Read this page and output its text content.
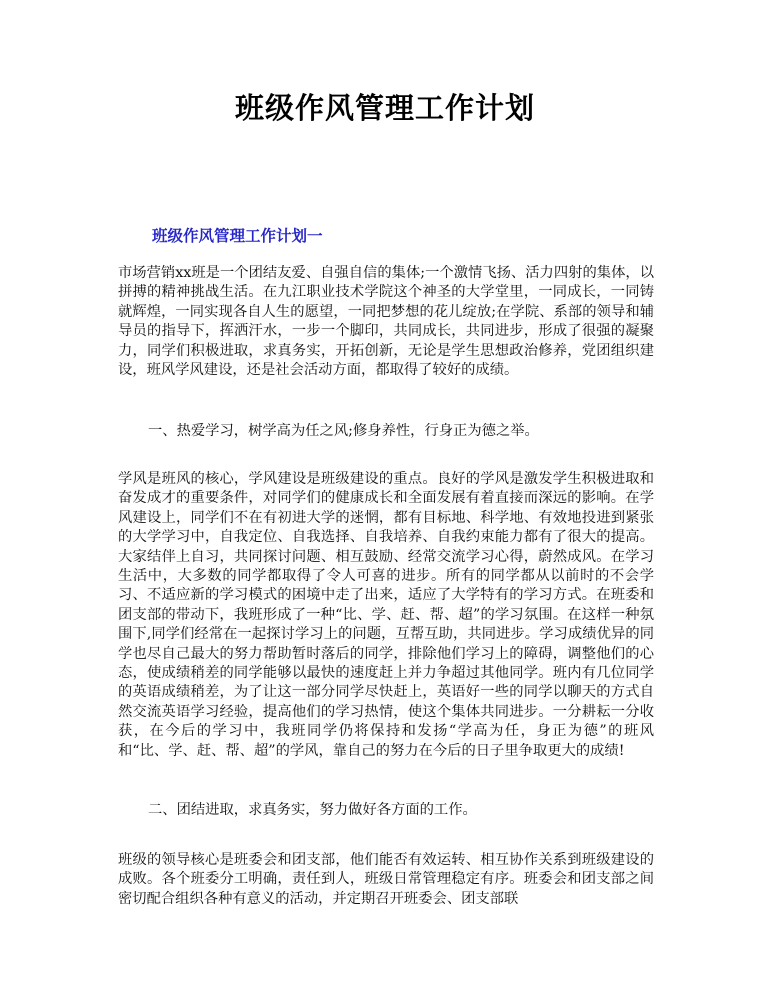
班级作风管理工作计划
班级作风管理工作计划一

市场营销xx班是一个团结友爱、自强自信的集体;一个激情飞扬、活力四射的集体，以拼搏的精神挑战生活。在九江职业技术学院这个神圣的大学堂里，一同成长，一同铸就辉煌，一同实现各自人生的愿望，一同把梦想的花儿绽放;在学院、系部的领导和辅导员的指导下，挥洒汗水，一步一个脚印，共同成长，共同进步，形成了很强的凝聚力，同学们积极进取，求真务实，开拓创新，无论是学生思想政治修养，党团组织建设，班风学风建设，还是社会活动方面，都取得了较好的成绩。

一、热爱学习，树学高为任之风;修身养性，行身正为德之举。

学风是班风的核心，学风建设是班级建设的重点。良好的学风是激发学生积极进取和奋发成才的重要条件，对同学们的健康成长和全面发展有着直接而深远的影响。在学风建设上，同学们不在有初进大学的迷惘，都有目标地、科学地、有效地投进到紧张的大学学习中，自我定位、自我选择、自我培养、自我约束能力都有了很大的提高。大家结伴上自习，共同探讨问题、相互鼓励、经常交流学习心得，蔚然成风。在学习生活中，大多数的同学都取得了令人可喜的进步。所有的同学都从以前时的不会学习、不适应新的学习模式的困境中走了出来，适应了大学特有的学习方式。在班委和团支部的带动下，我班形成了一种“比、学、赶、帮、超”的学习氛围。在这样一种氛围下,同学们经常在一起探讨学习上的问题，互帮互助，共同进步。学习成绩优异的同学也尽自己最大的努力帮助暂时落后的同学，排除他们学习上的障碍，调整他们的心态，使成绩稍差的同学能够以最快的速度赶上并力争超过其他同学。班内有几位同学的英语成绩稍差，为了让这一部分同学尽快赶上，英语好一些的同学以聊天的方式自然交流英语学习经验，提高他们的学习热情，使这个集体共同进步。一分耕耘一分收获，在今后的学习中，我班同学仍将保持和发扬“学高为任，身正为德”的班风和“比、学、赶、帮、超”的学风，靠自己的努力在今后的日子里争取更大的成绩!

二、团结进取，求真务实，努力做好各方面的工作。

班级的领导核心是班委会和团支部，他们能否有效运转、相互协作关系到班级建设的成败。各个班委分工明确，责任到人，班级日常管理稳定有序。班委会和团支部之间密切配合组织各种有意义的活动，并定期召开班委会、团支部联
